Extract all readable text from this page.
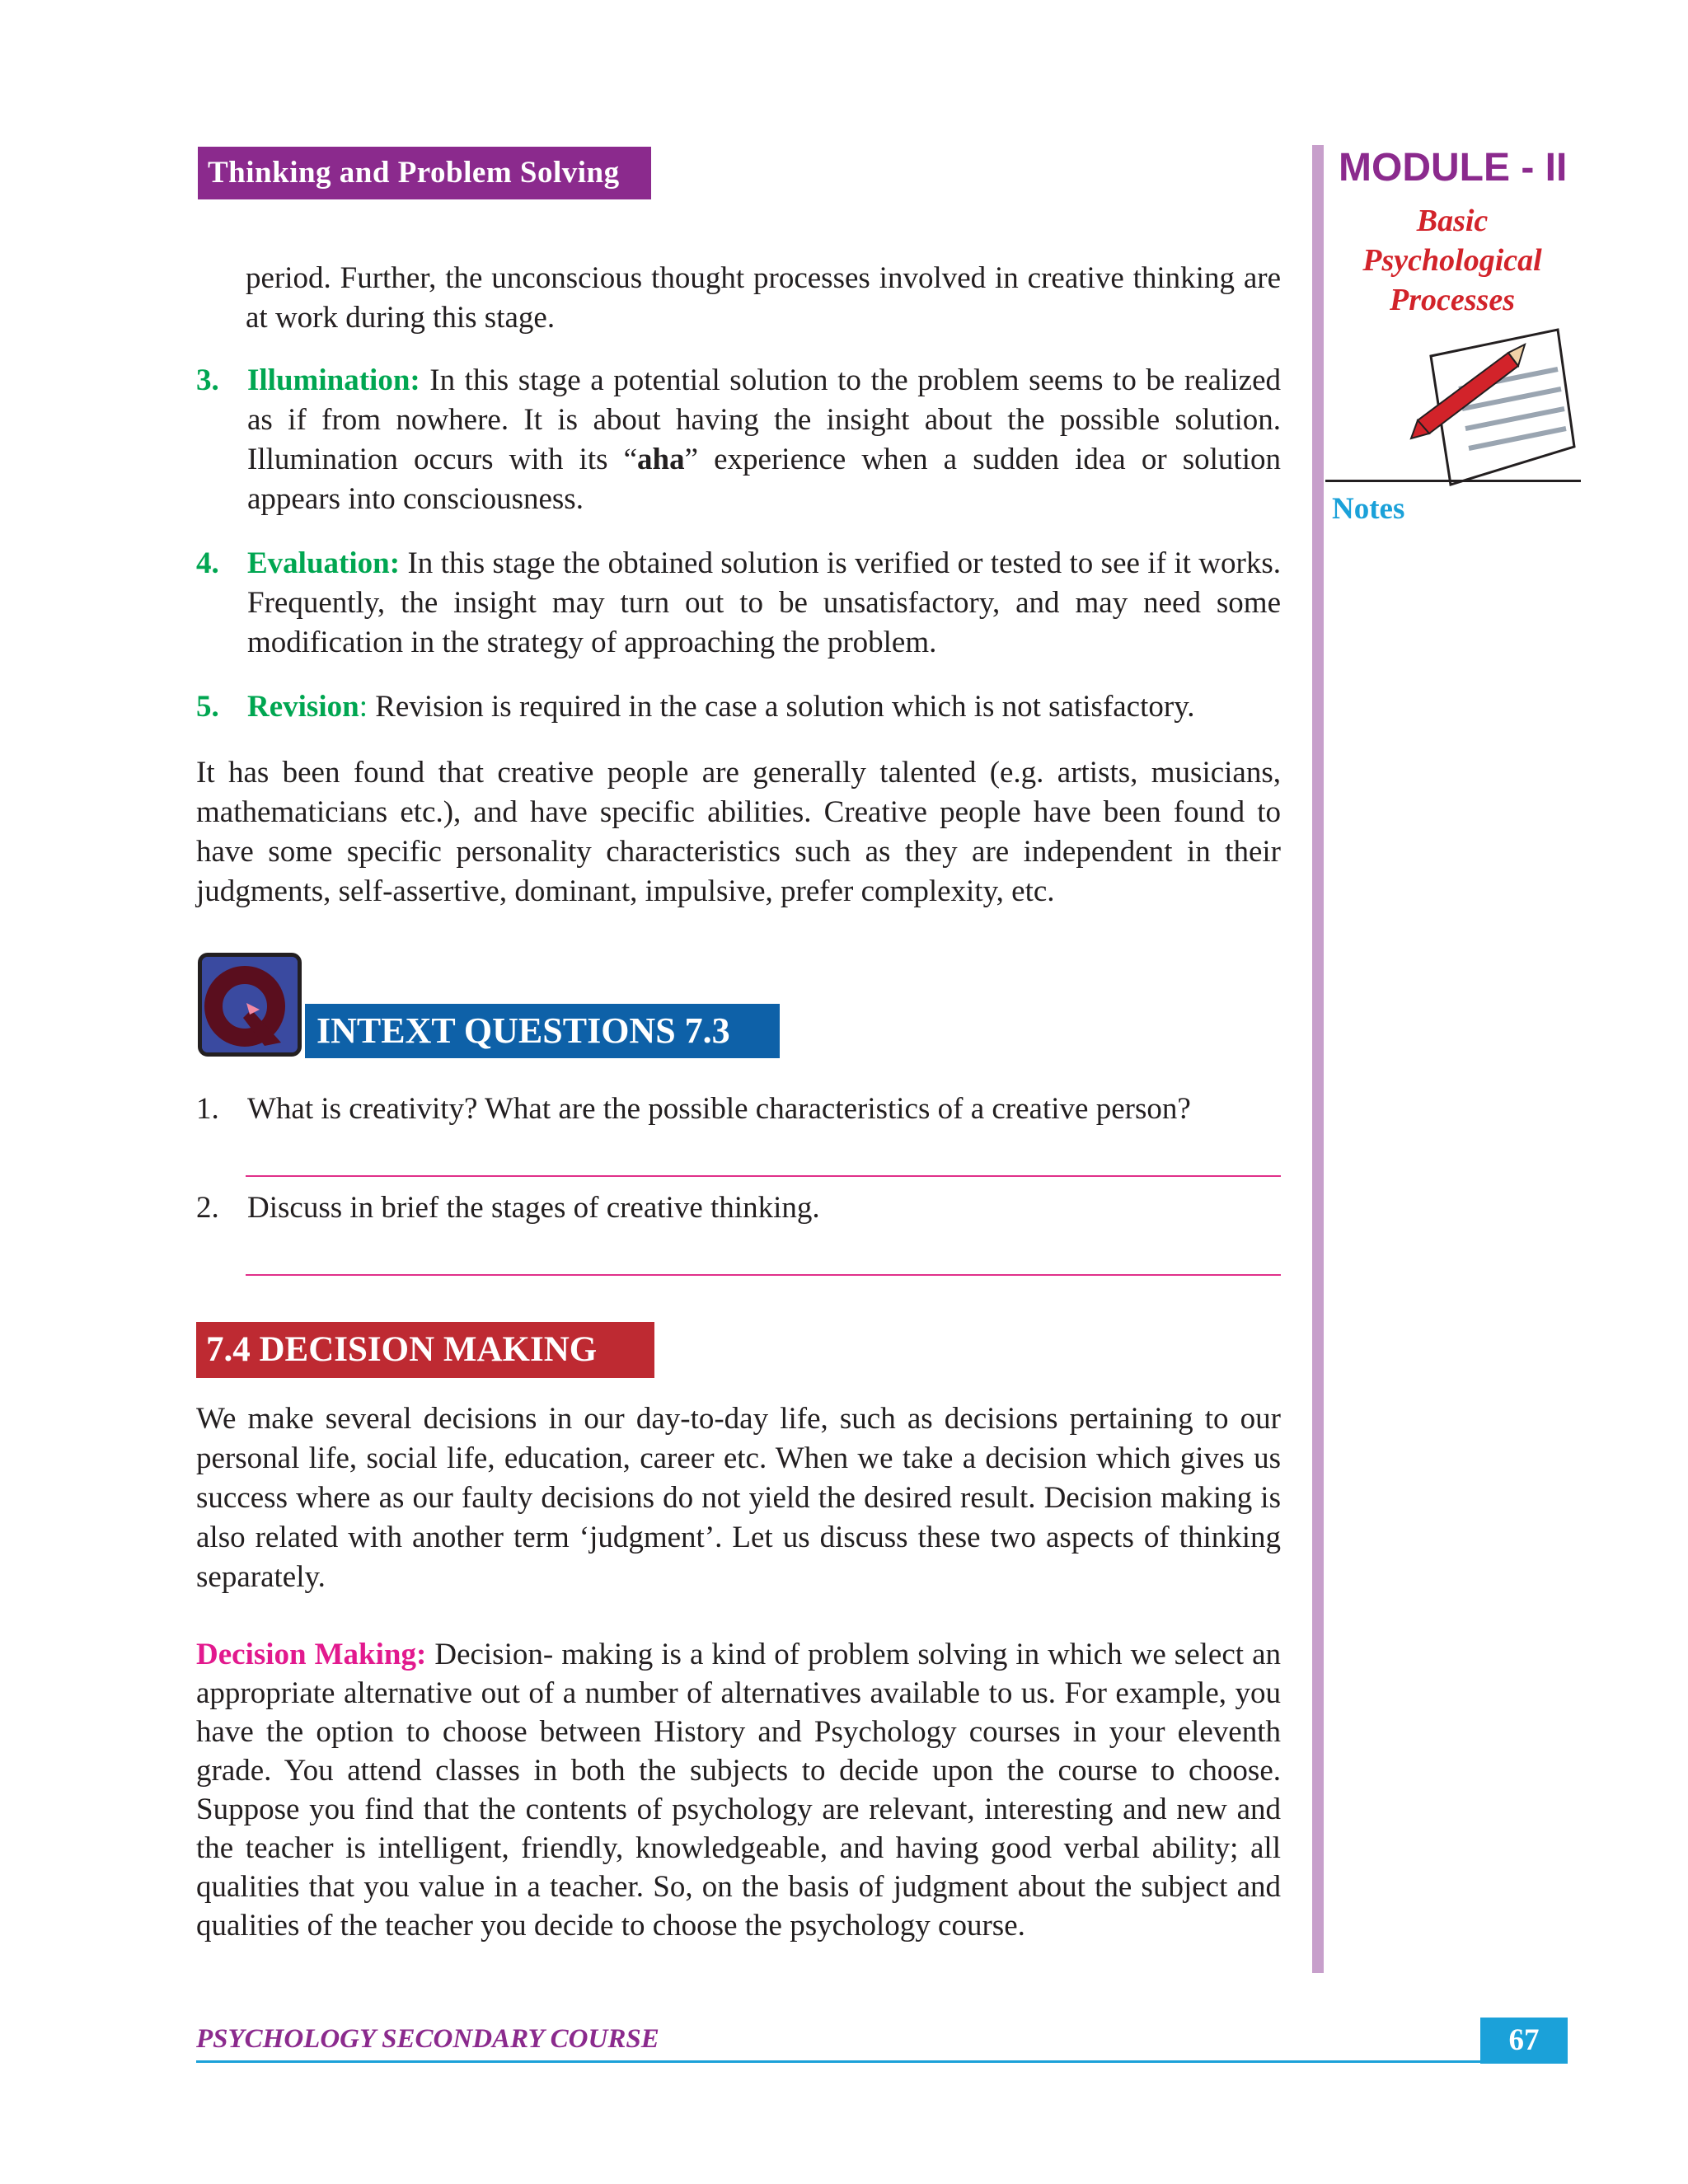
Thinking and Problem Solving	MODULE - II
Basic
Psychological
Processes
Notes
period. Further, the unconscious thought processes involved in creative thinking are at work during this stage.
3. Illumination: In this stage a potential solution to the problem seems to be realized as if from nowhere. It is about having the insight about the possible solution. Illumination occurs with its “aha” experience when a sudden idea or solution appears into consciousness.
4. Evaluation: In this stage the obtained solution is verified or tested to see if it works. Frequently, the insight may turn out to be unsatisfactory, and may need some modification in the strategy of approaching the problem.
5. Revision: Revision is required in the case a solution which is not satisfactory.
It has been found that creative people are generally talented (e.g. artists, musicians, mathematicians etc.), and have specific abilities. Creative people have been found to have some specific personality characteristics such as they are independent in their judgments, self-assertive, dominant, impulsive, prefer complexity, etc.
INTEXT QUESTIONS 7.3
1. What is creativity? What are the possible characteristics of a creative person?
2. Discuss in brief the stages of creative thinking.
7.4 DECISION MAKING
We make several decisions in our day-to-day life, such as decisions pertaining to our personal life, social life, education, career etc. When we take a decision which gives us success where as our faulty decisions do not yield the desired result. Decision making is also related with another term ‘judgment’. Let us discuss these two aspects of thinking separately.
Decision Making: Decision- making is a kind of problem solving in which we select an appropriate alternative out of a number of alternatives available to us. For example, you have the option to choose between History and Psychology courses in your eleventh grade. You attend classes in both the subjects to decide upon the course to choose. Suppose you find that the contents of psychology are relevant, interesting and new and the teacher is intelligent, friendly, knowledgeable, and having good verbal ability; all qualities that you value in a teacher. So, on the basis of judgment about the subject and qualities of the teacher you decide to choose the psychology course.
PSYCHOLOGY SECONDARY COURSE	67
